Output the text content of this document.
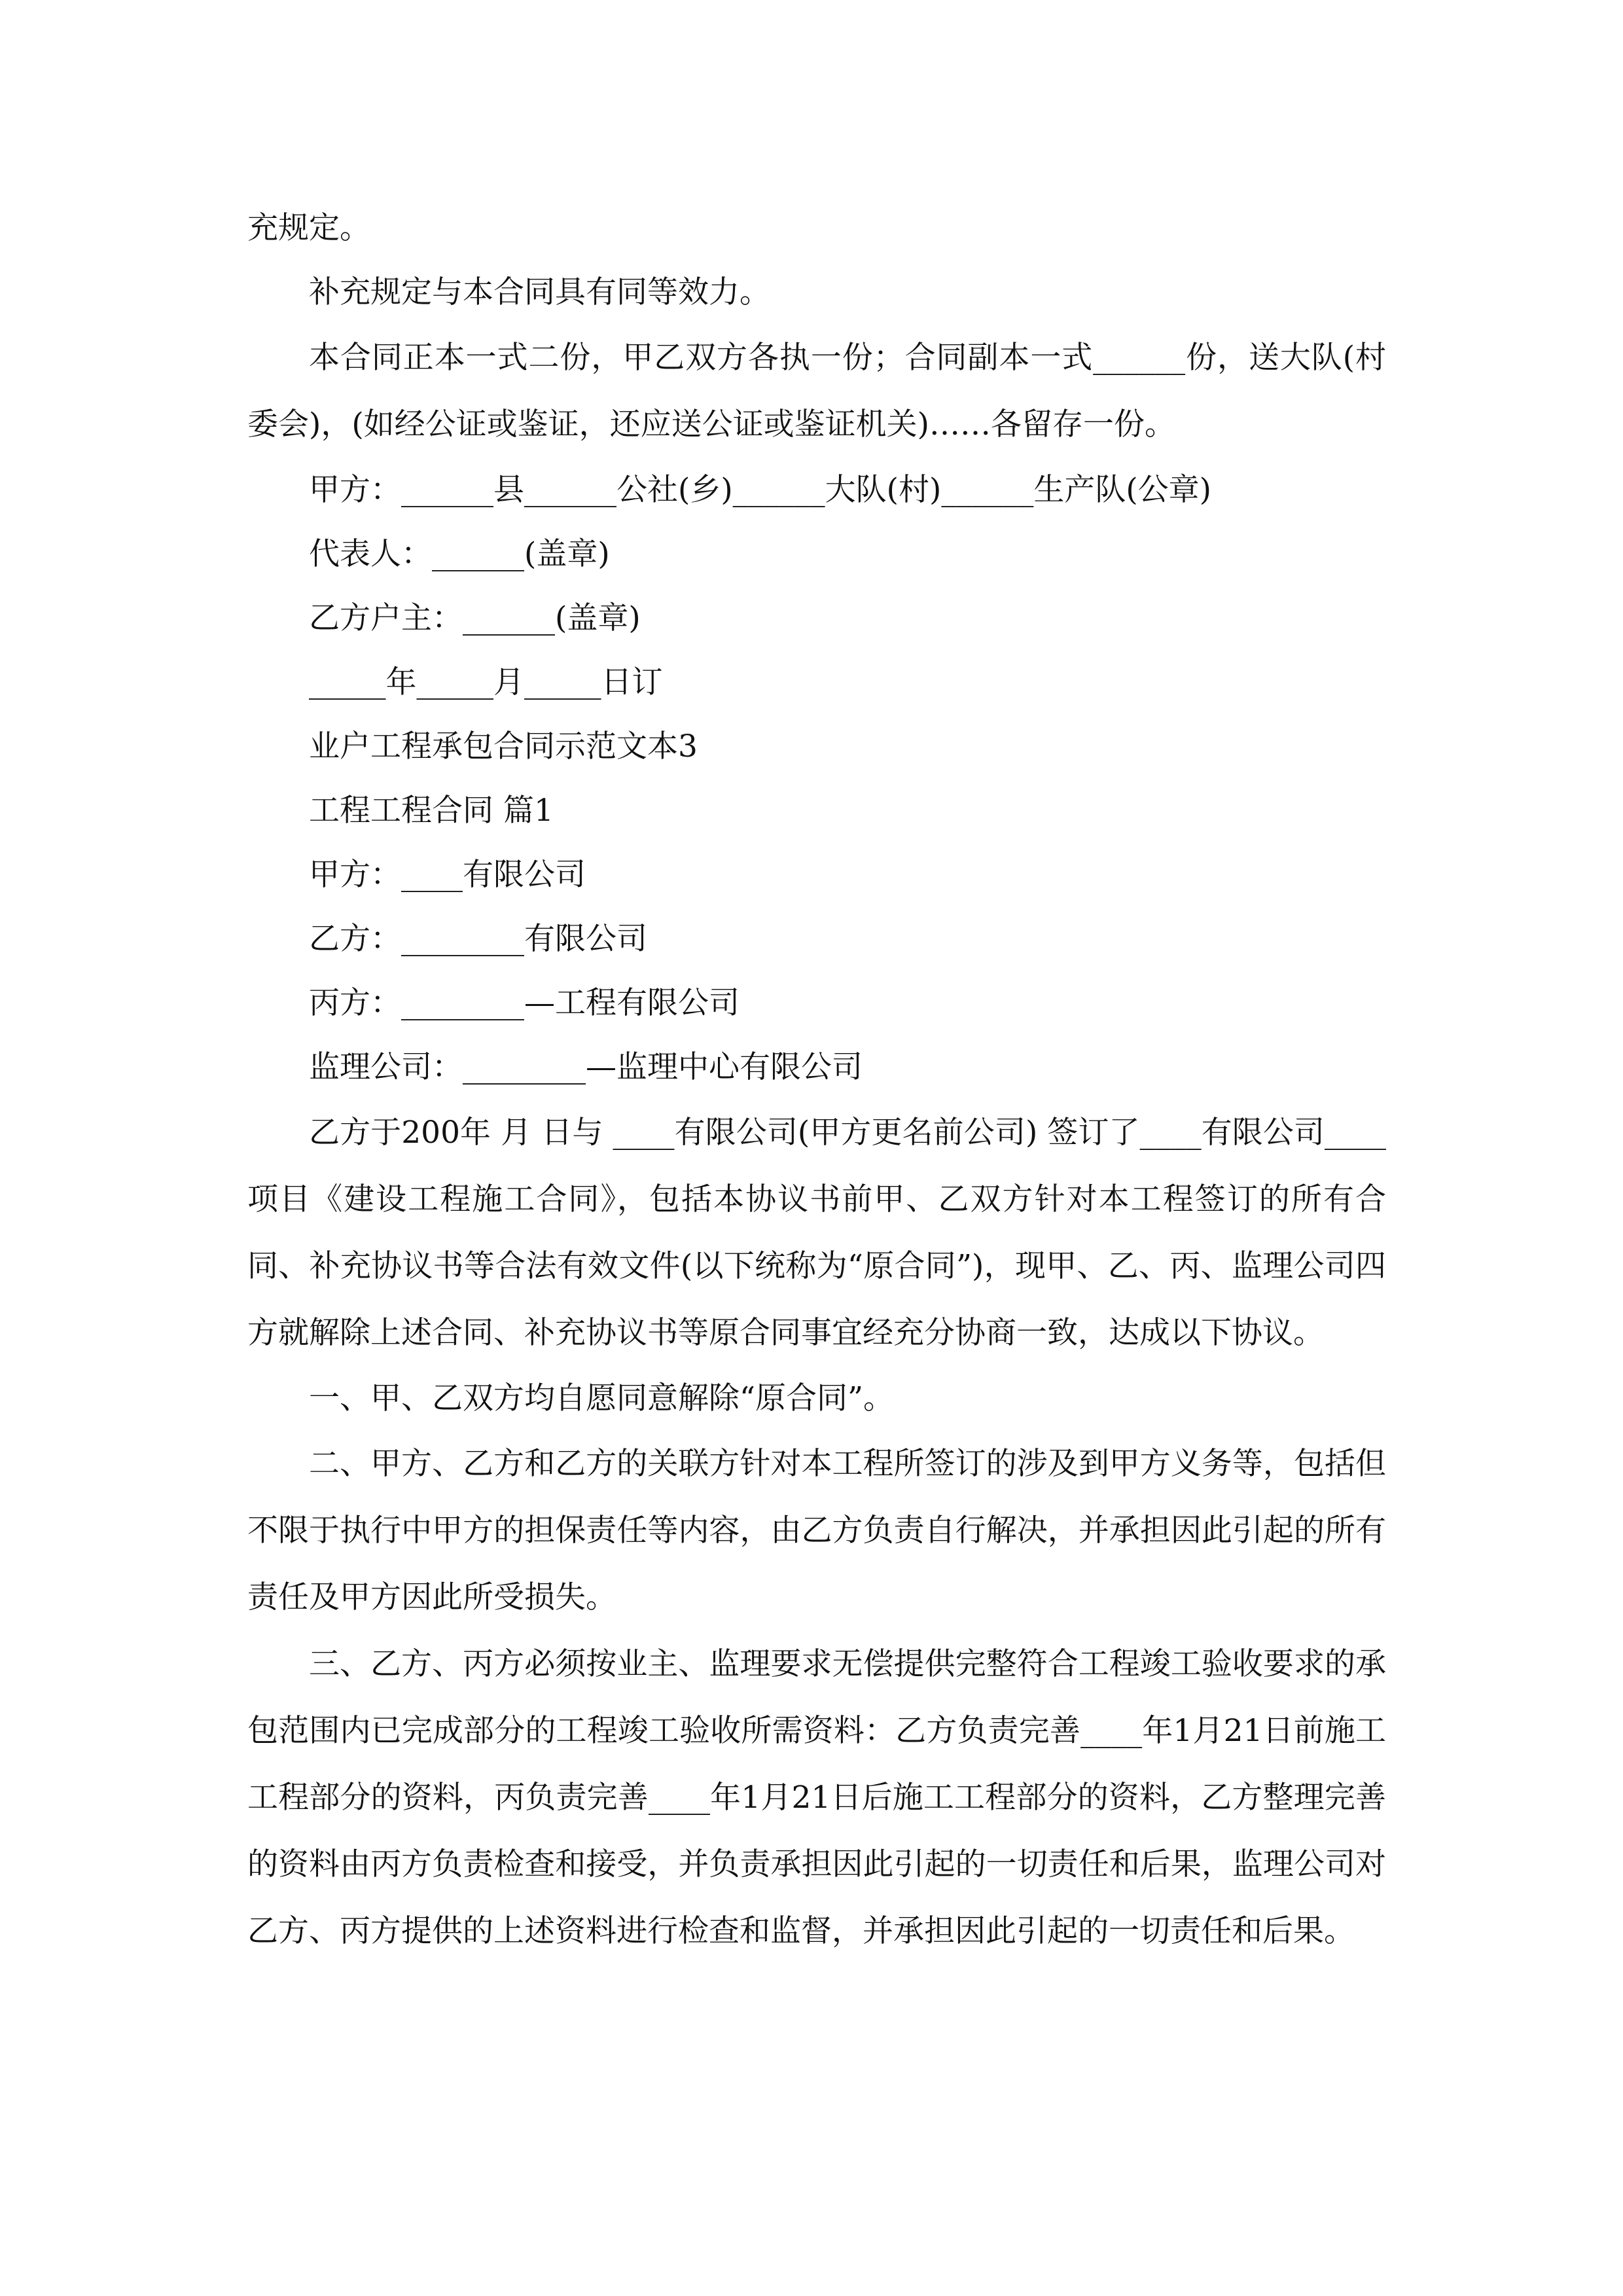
充规定。

补充规定与本合同具有同等效力。

本合同正本一式二份，甲乙双方各执一份；合同副本一式______份，送大队(村委会)，(如经公证或鉴证，还应送公证或鉴证机关)……各留存一份。

甲方：______县______公社(乡)______大队(村)______生产队(公章)

代表人：______(盖章)

乙方户主：______(盖章)

_____年_____月_____日订

业户工程承包合同示范文本3

工程工程合同 篇1

甲方：____有限公司

乙方：________有限公司

丙方：________—工程有限公司

监理公司：________—监理中心有限公司

乙方于200年 月 日与 ____有限公司(甲方更名前公司) 签订了____有限公司____项目《建设工程施工合同》，包括本协议书前甲、乙双方针对本工程签订的所有合同、补充协议书等合法有效文件(以下统称为“原合同”)，现甲、乙、丙、监理公司四方就解除上述合同、补充协议书等原合同事宜经充分协商一致，达成以下协议。

一、甲、乙双方均自愿同意解除“原合同”。

二、甲方、乙方和乙方的关联方针对本工程所签订的涉及到甲方义务等，包括但不限于执行中甲方的担保责任等内容，由乙方负责自行解决，并承担因此引起的所有责任及甲方因此所受损失。

三、乙方、丙方必须按业主、监理要求无偿提供完整符合工程竣工验收要求的承包范围内已完成部分的工程竣工验收所需资料：乙方负责完善____年1月21日前施工工程部分的资料，丙负责完善____年1月21日后施工工程部分的资料，乙方整理完善的资料由丙方负责检查和接受，并负责承担因此引起的一切责任和后果，监理公司对乙方、丙方提供的上述资料进行检查和监督，并承担因此引起的一切责任和后果。
